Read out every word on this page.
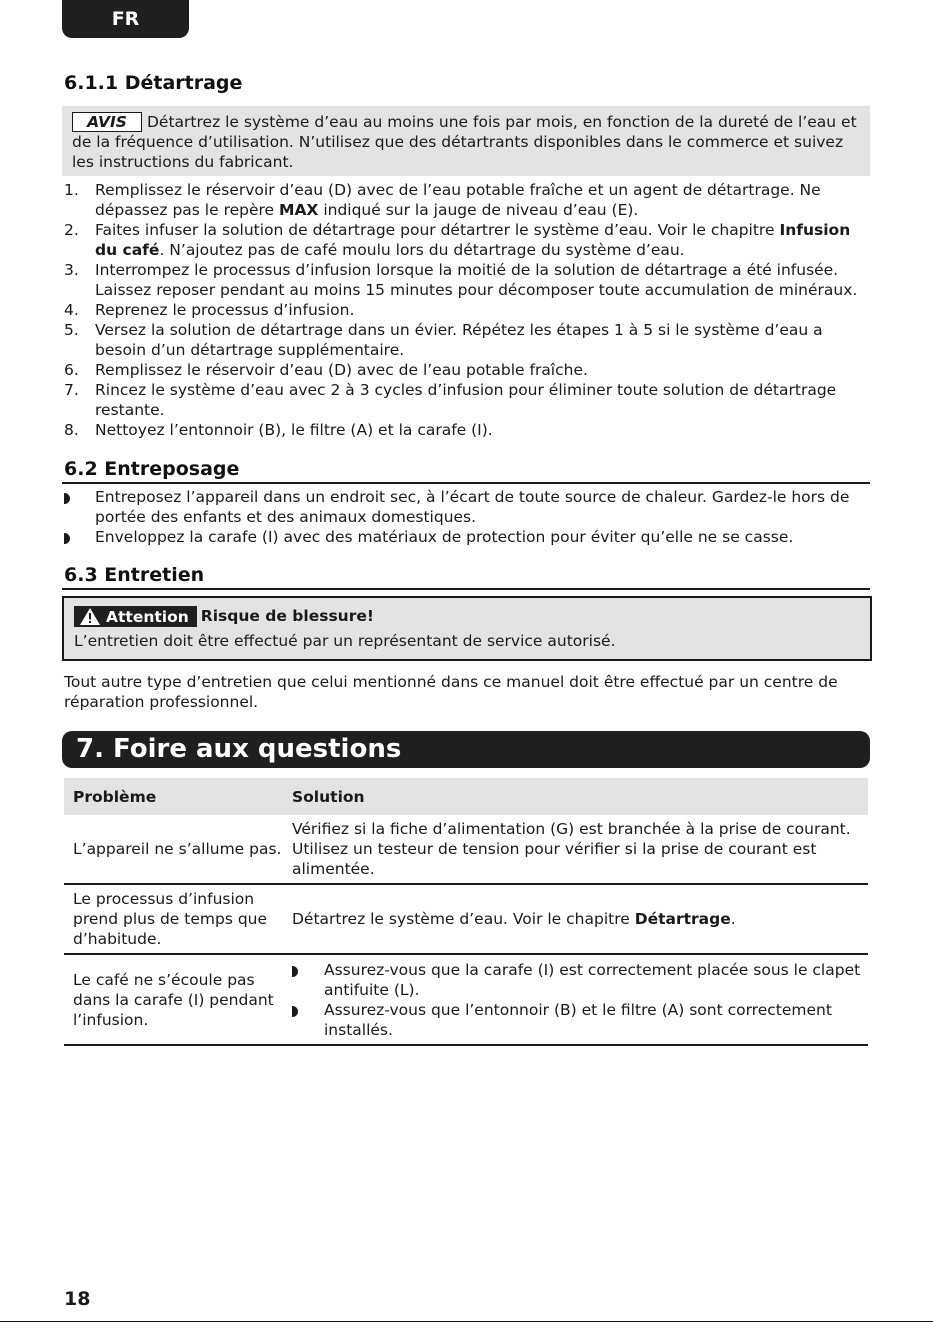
FR
6.1.1 Détartrage
AVIS Détartrez le système d’eau au moins une fois par mois, en fonction de la dureté de l’eau et de la fréquence d’utilisation. N’utilisez que des détartrants disponibles dans le commerce et suivez les instructions du fabricant.
1. Remplissez le réservoir d’eau (D) avec de l’eau potable fraîche et un agent de détartrage. Ne dépassez pas le repère MAX indiqué sur la jauge de niveau d’eau (E).
2. Faites infuser la solution de détartrage pour détartrer le système d’eau. Voir le chapitre Infusion du café. N’ajoutez pas de café moulu lors du détartrage du système d’eau.
3. Interrompez le processus d’infusion lorsque la moitié de la solution de détartrage a été infusée. Laissez reposer pendant au moins 15 minutes pour décomposer toute accumulation de minéraux.
4. Reprenez le processus d’infusion.
5. Versez la solution de détartrage dans un évier. Répétez les étapes 1 à 5 si le système d’eau a besoin d’un détartrage supplémentaire.
6. Remplissez le réservoir d’eau (D) avec de l’eau potable fraîche.
7. Rincez le système d’eau avec 2 à 3 cycles d’infusion pour éliminer toute solution de détartrage restante.
8. Nettoyez l’entonnoir (B), le filtre (A) et la carafe (I).
6.2 Entreposage
Entreposez l’appareil dans un endroit sec, à l’écart de toute source de chaleur. Gardez-le hors de portée des enfants et des animaux domestiques.
Enveloppez la carafe (I) avec des matériaux de protection pour éviter qu’elle ne se casse.
6.3 Entretien
Attention Risque de blessure!
L’entretien doit être effectué par un représentant de service autorisé.
Tout autre type d’entretien que celui mentionné dans ce manuel doit être effectué par un centre de réparation professionnel.
7. Foire aux questions
Problème	Solution
L’appareil ne s’allume pas.
Vérifiez si la fiche d’alimentation (G) est branchée à la prise de courant. Utilisez un testeur de tension pour vérifier si la prise de courant est alimentée.
Le processus d’infusion prend plus de temps que d’habitude.
Détartrez le système d’eau. Voir le chapitre Détartrage.
Le café ne s’écoule pas dans la carafe (I) pendant l’infusion.
Assurez-vous que la carafe (I) est correctement placée sous le clapet antifuite (L).
Assurez-vous que l’entonnoir (B) et le filtre (A) sont correctement installés.
18
